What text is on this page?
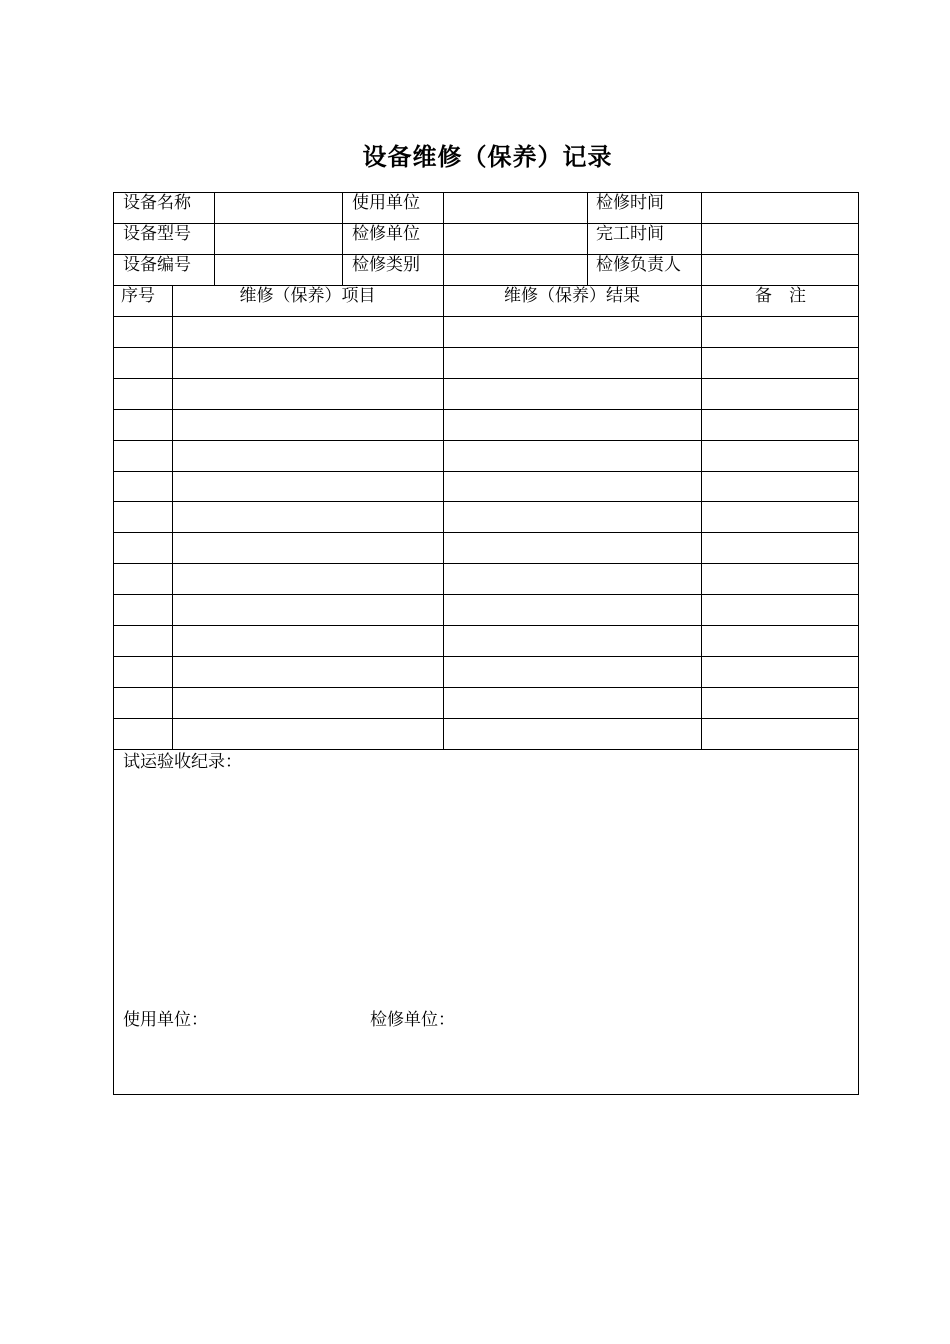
设备维修（保养）记录
设备名称	使用单位	检修时间
设备型号	检修单位	完工时间
设备编号	检修类别	检修负责人
序号	维修（保养）项目	维修（保养）结果	备　注
试运验收纪录：
使用单位：	检修单位：
